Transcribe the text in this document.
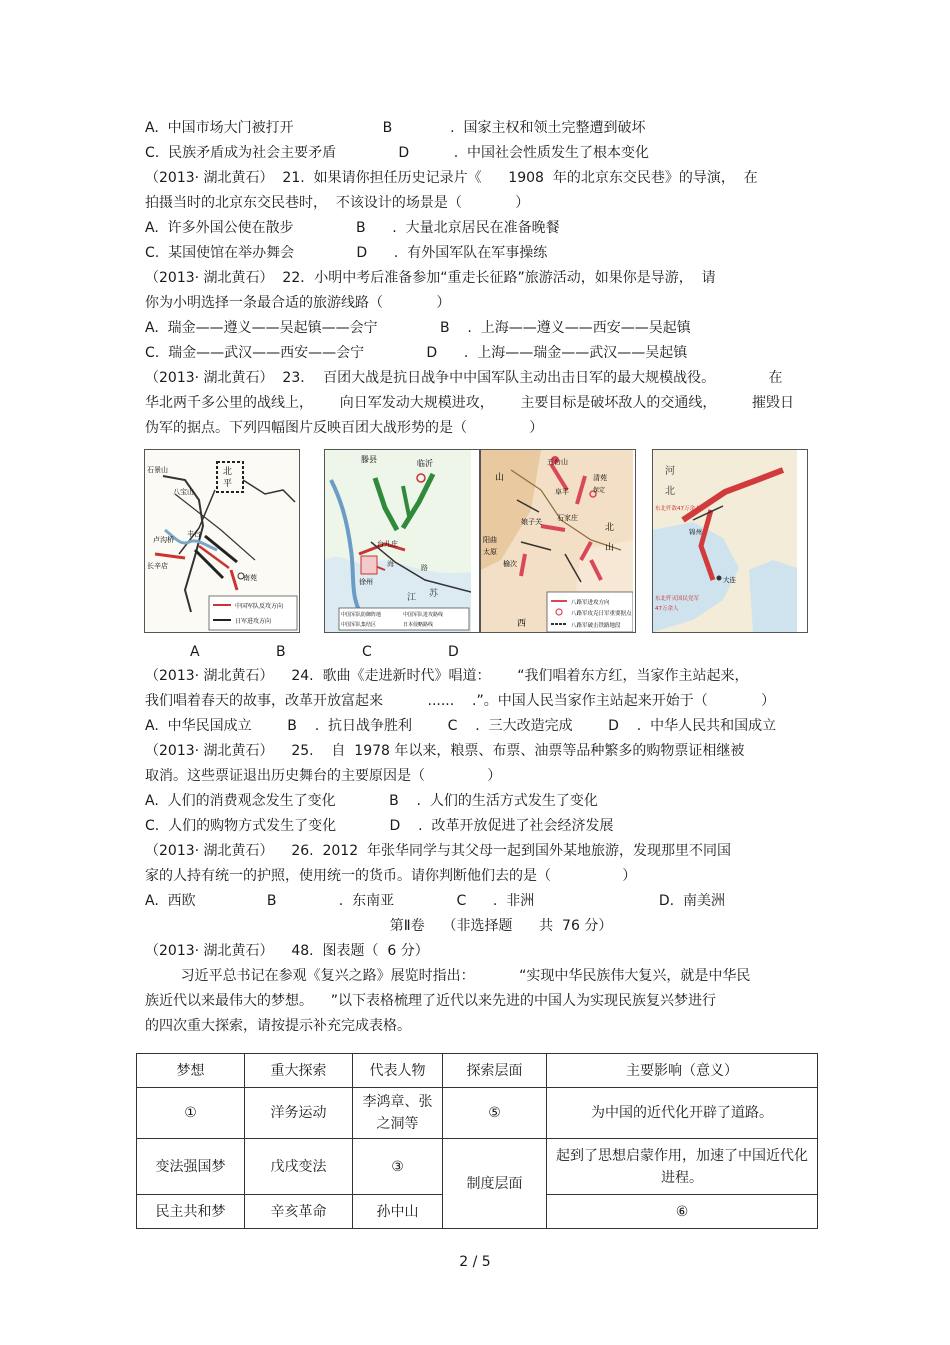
A.  中国市场大门被打开                    B             .  国家主权和领土完整遭到破坏
C.  民族矛盾成为社会主要矛盾              D          .  中国社会性质发生了根本变化
（2013· 湖北黄石）  21.  如果请你担任历史记录片《      1908  年的北京东交民巷》的导演，  在
拍摄当时的北京东交民巷时，  不该设计的场景是（            ）
A.  许多外国公使在散步              B      .  大量北京居民在准备晚餐
C.  某国使馆在举办舞会              D      .  有外国军队在军事操练
（2013· 湖北黄石）  22．小明中考后准备参加“重走长征路”旅游活动，如果你是导游，  请
你为小明选择一条最合适的旅游线路（            ）
A.  瑞金——遵义——吴起镇——会宁              B    .  上海——遵义——西安——吴起镇
C.  瑞金——武汉——西安——会宁              D      .  上海——瑞金——武汉——吴起镇
（2013· 湖北黄石）  23．  百团大战是抗日战争中中国军队主动出击日军的最大规模战役。            在
华北两千多公里的战线上，      向日军发动大规模进攻，      主要目标是破坏敌人的交通线，        摧毁日
伪军的据点。下列四幅图片反映百团大战形势的是（              ）
北
平
石景山
八宝山
卢沟桥
丰台
长辛店
南苑
中国军队反攻方向
日军进攻方向
滕县	临沂
台儿庄
徐州
江 苏
海	路
中国军队防御阵地	中国军队进攻路线
中国军队集结区	日本侵略路线
五台山
山
阜平
清苑
保定
阳曲
太原
娘子关 石家庄
榆次
北
山
西
八路军进攻方向
八路军攻克日军重要据点
八路军破击铁路地段
河
北
东北歼敌47万余人
锦州
大连
东北歼灭国民党军
47万余人
A	B	C	D
（2013· 湖北黄石）    24.  歌曲《走进新时代》唱道：      “我们唱着东方红，当家作主站起来，
我们唱着春天的故事，改革开放富起来          ......    .”。中国人民当家作主站起来开始于（            ）
A.  中华民国成立        B    .  抗日战争胜利        C    .  三大改造完成        D    .  中华人民共和国成立
（2013· 湖北黄石）    25.    自  1978 年以来，粮票、布票、油票等品种繁多的购物票证相继被
取消。这些票证退出历史舞台的主要原因是（              ）
A.  人们的消费观念发生了变化            B    .  人们的生活方式发生了变化
C.  人们的购物方式发生了变化            D    .  改革开放促进了社会经济发展
（2013· 湖北黄石）    26.  2012  年张华同学与其父母一起到国外某地旅游，发现那里不同国
家的人持有统一的护照，使用统一的货币。请你判断他们去的是（                ）
A.  西欧                B              .  东南亚              C      .  非洲                            D.  南美洲
第Ⅱ卷    （非选择题      共  76 分）
（2013· 湖北黄石）    48.  图表题（  6 分）
习近平总书记在参观《复兴之路》展览时指出：          “实现中华民族伟大复兴，就是中华民
族近代以来最伟大的梦想。    ”以下表格梳理了近代以来先进的中国人为实现民族复兴梦进行
的四次重大探索，请按提示补充完成表格。
梦想	重大探索	代表人物	探索层面	主要影响（意义）
①	洋务运动	李鸿章、张之洞等	⑤	为中国的近代化开辟了道路。
变法强国梦	戊戌变法	③	制度层面	起到了思想启蒙作用，加速了中国近代化进程。
民主共和梦	辛亥革命	孙中山		⑥
2 / 5
